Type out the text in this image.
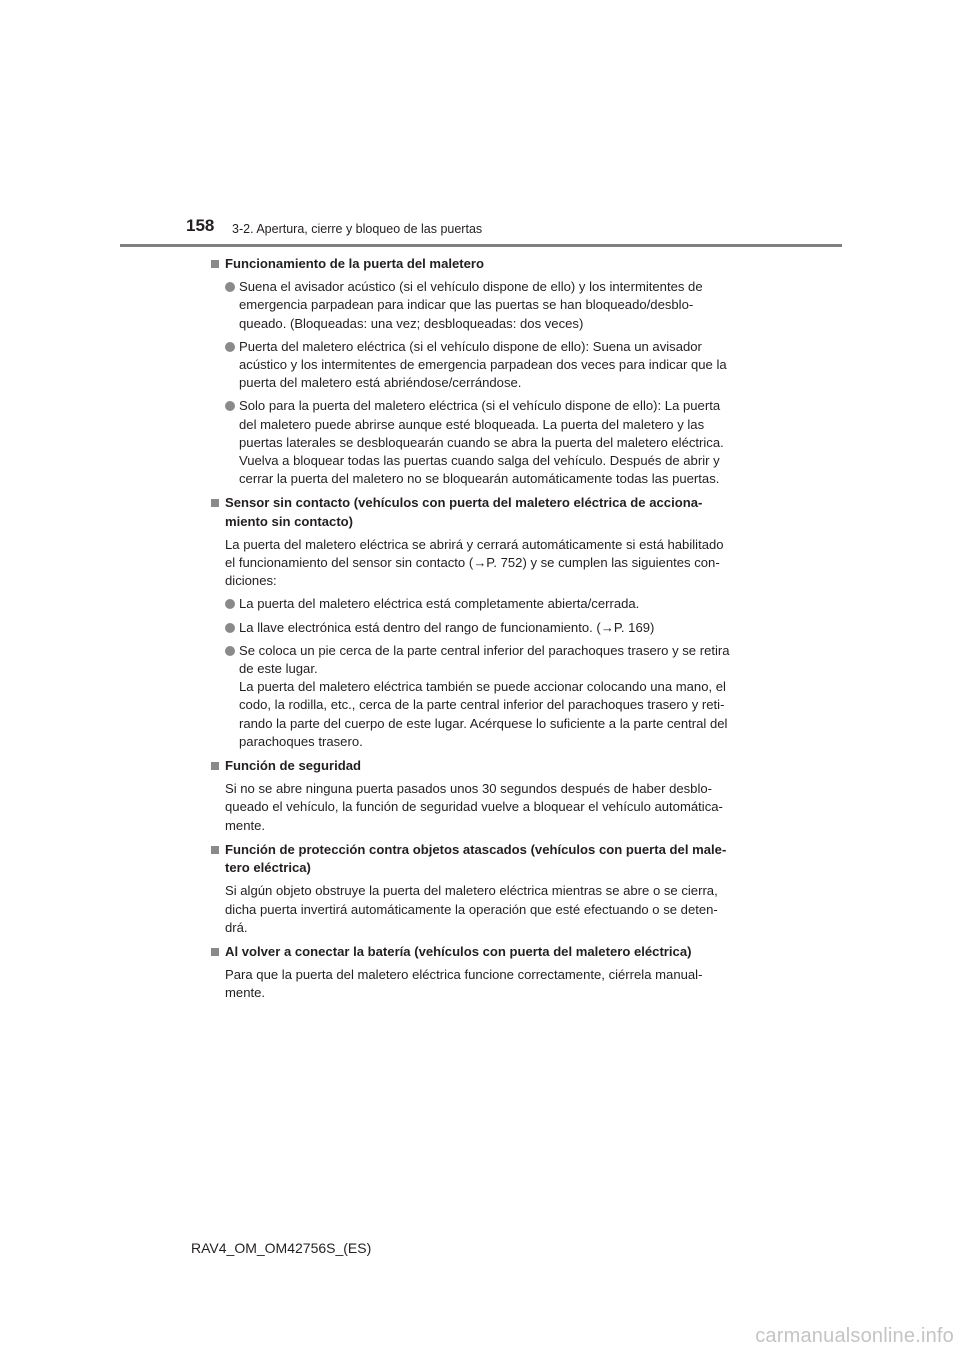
158 3-2. Apertura, cierre y bloqueo de las puertas
Funcionamiento de la puerta del maletero
Suena el avisador acústico (si el vehículo dispone de ello) y los intermitentes de
emergencia parpadean para indicar que las puertas se han bloqueado/desblo-
queado. (Bloqueadas: una vez; desbloqueadas: dos veces)
Puerta del maletero eléctrica (si el vehículo dispone de ello): Suena un avisador
acústico y los intermitentes de emergencia parpadean dos veces para indicar que la
puerta del maletero está abriéndose/cerrándose.
Solo para la puerta del maletero eléctrica (si el vehículo dispone de ello): La puerta
del maletero puede abrirse aunque esté bloqueada. La puerta del maletero y las
puertas laterales se desbloquearán cuando se abra la puerta del maletero eléctrica.
Vuelva a bloquear todas las puertas cuando salga del vehículo. Después de abrir y
cerrar la puerta del maletero no se bloquearán automáticamente todas las puertas.
Sensor sin contacto (vehículos con puerta del maletero eléctrica de acciona-
miento sin contacto)
La puerta del maletero eléctrica se abrirá y cerrará automáticamente si está habilitado
el funcionamiento del sensor sin contacto (→P. 752) y se cumplen las siguientes con-
diciones:
La puerta del maletero eléctrica está completamente abierta/cerrada.
La llave electrónica está dentro del rango de funcionamiento. (→P. 169)
Se coloca un pie cerca de la parte central inferior del parachoques trasero y se retira
de este lugar.
La puerta del maletero eléctrica también se puede accionar colocando una mano, el
codo, la rodilla, etc., cerca de la parte central inferior del parachoques trasero y reti-
rando la parte del cuerpo de este lugar. Acérquese lo suficiente a la parte central del
parachoques trasero.
Función de seguridad
Si no se abre ninguna puerta pasados unos 30 segundos después de haber desblo-
queado el vehículo, la función de seguridad vuelve a bloquear el vehículo automática-
mente.
Función de protección contra objetos atascados (vehículos con puerta del male-
tero eléctrica)
Si algún objeto obstruye la puerta del maletero eléctrica mientras se abre o se cierra,
dicha puerta invertirá automáticamente la operación que esté efectuando o se deten-
drá.
Al volver a conectar la batería (vehículos con puerta del maletero eléctrica)
Para que la puerta del maletero eléctrica funcione correctamente, ciérrela manual-
mente.
RAV4_OM_OM42756S_(ES)
carmanualsonline.info
